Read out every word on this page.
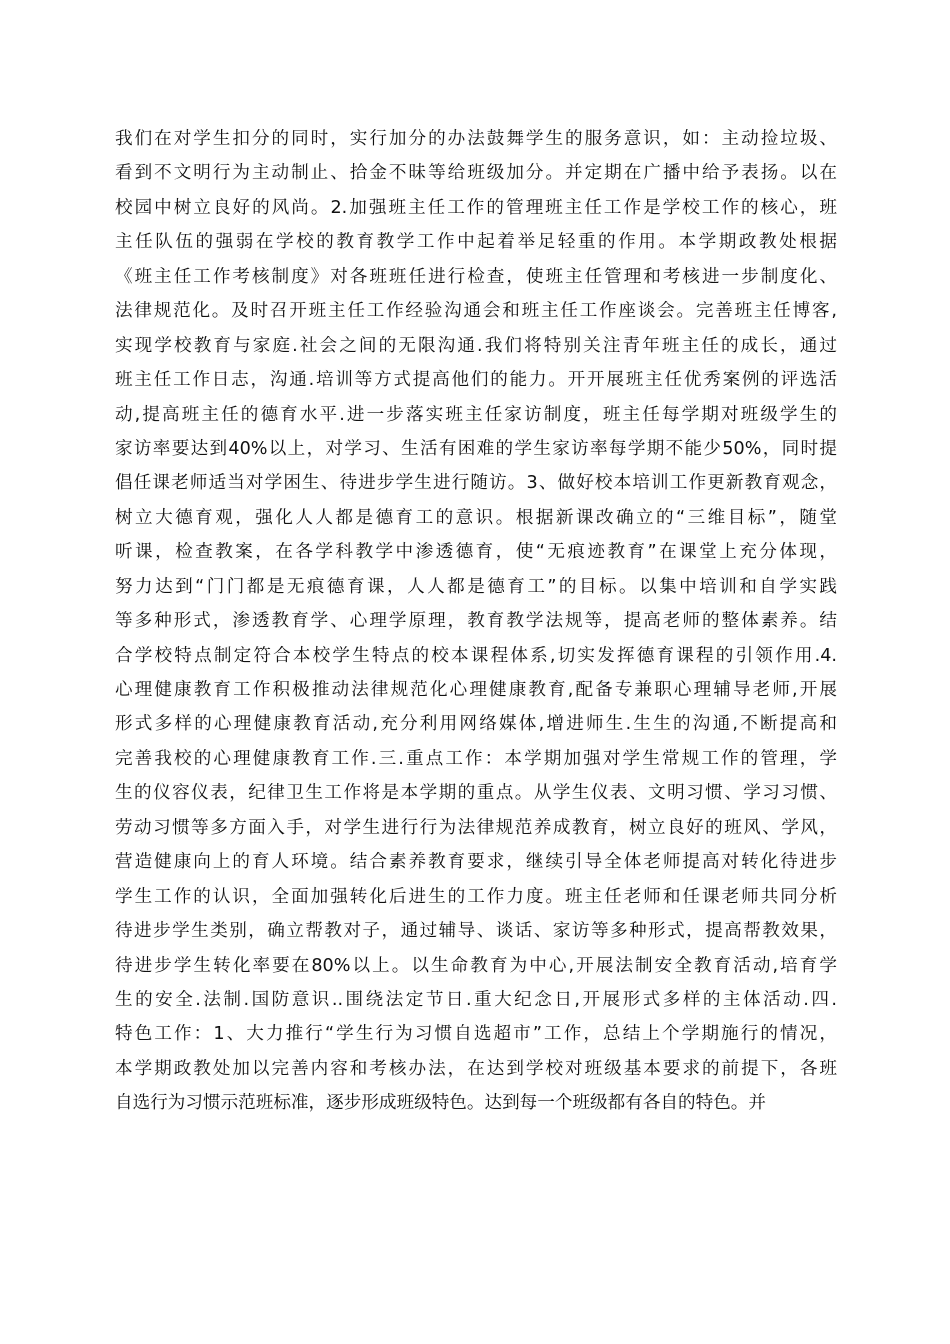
我们在对学生扣分的同时，实行加分的办法鼓舞学生的服务意识，如：主动捡垃圾、
看到不文明行为主动制止、拾金不昧等给班级加分。并定期在广播中给予表扬。以在
校园中树立良好的风尚。2.加强班主任工作的管理班主任工作是学校工作的核心，班
主任队伍的强弱在学校的教育教学工作中起着举足轻重的作用。本学期政教处根据
《班主任工作考核制度》对各班班任进行检查，使班主任管理和考核进一步制度化、
法律规范化。及时召开班主任工作经验沟通会和班主任工作座谈会。完善班主任博客,
实现学校教育与家庭.社会之间的无限沟通.我们将特别关注青年班主任的成长，通过
班主任工作日志，沟通.培训等方式提高他们的能力。开开展班主任优秀案例的评选活
动,提高班主任的德育水平.进一步落实班主任家访制度，班主任每学期对班级学生的
家访率要达到40%以上，对学习、生活有困难的学生家访率每学期不能少50%，同时提
倡任课老师适当对学困生、待进步学生进行随访。3、做好校本培训工作更新教育观念，
树立大德育观，强化人人都是德育工的意识。根据新课改确立的“三维目标”，随堂
听课，检查教案，在各学科教学中渗透德育，使“无痕迹教育”在课堂上充分体现，
努力达到“门门都是无痕德育课，人人都是德育工”的目标。以集中培训和自学实践
等多种形式，渗透教育学、心理学原理，教育教学法规等，提高老师的整体素养。结
合学校特点制定符合本校学生特点的校本课程体系,切实发挥德育课程的引领作用.4.
心理健康教育工作积极推动法律规范化心理健康教育,配备专兼职心理辅导老师,开展
形式多样的心理健康教育活动,充分利用网络媒体,增进师生.生生的沟通,不断提高和
完善我校的心理健康教育工作.三.重点工作：本学期加强对学生常规工作的管理，学
生的仪容仪表，纪律卫生工作将是本学期的重点。从学生仪表、文明习惯、学习习惯、
劳动习惯等多方面入手，对学生进行行为法律规范养成教育，树立良好的班风、学风，
营造健康向上的育人环境。结合素养教育要求，继续引导全体老师提高对转化待进步
学生工作的认识，全面加强转化后进生的工作力度。班主任老师和任课老师共同分析
待进步学生类别，确立帮教对子，通过辅导、谈话、家访等多种形式，提高帮教效果，
待进步学生转化率要在80%以上。以生命教育为中心,开展法制安全教育活动,培育学
生的安全.法制.国防意识..围绕法定节日.重大纪念日,开展形式多样的主体活动.四.
特色工作：1、大力推行“学生行为习惯自选超市”工作，总结上个学期施行的情况，
本学期政教处加以完善内容和考核办法，在达到学校对班级基本要求的前提下，各班
自选行为习惯示范班标准，逐步形成班级特色。达到每一个班级都有各自的特色。并
